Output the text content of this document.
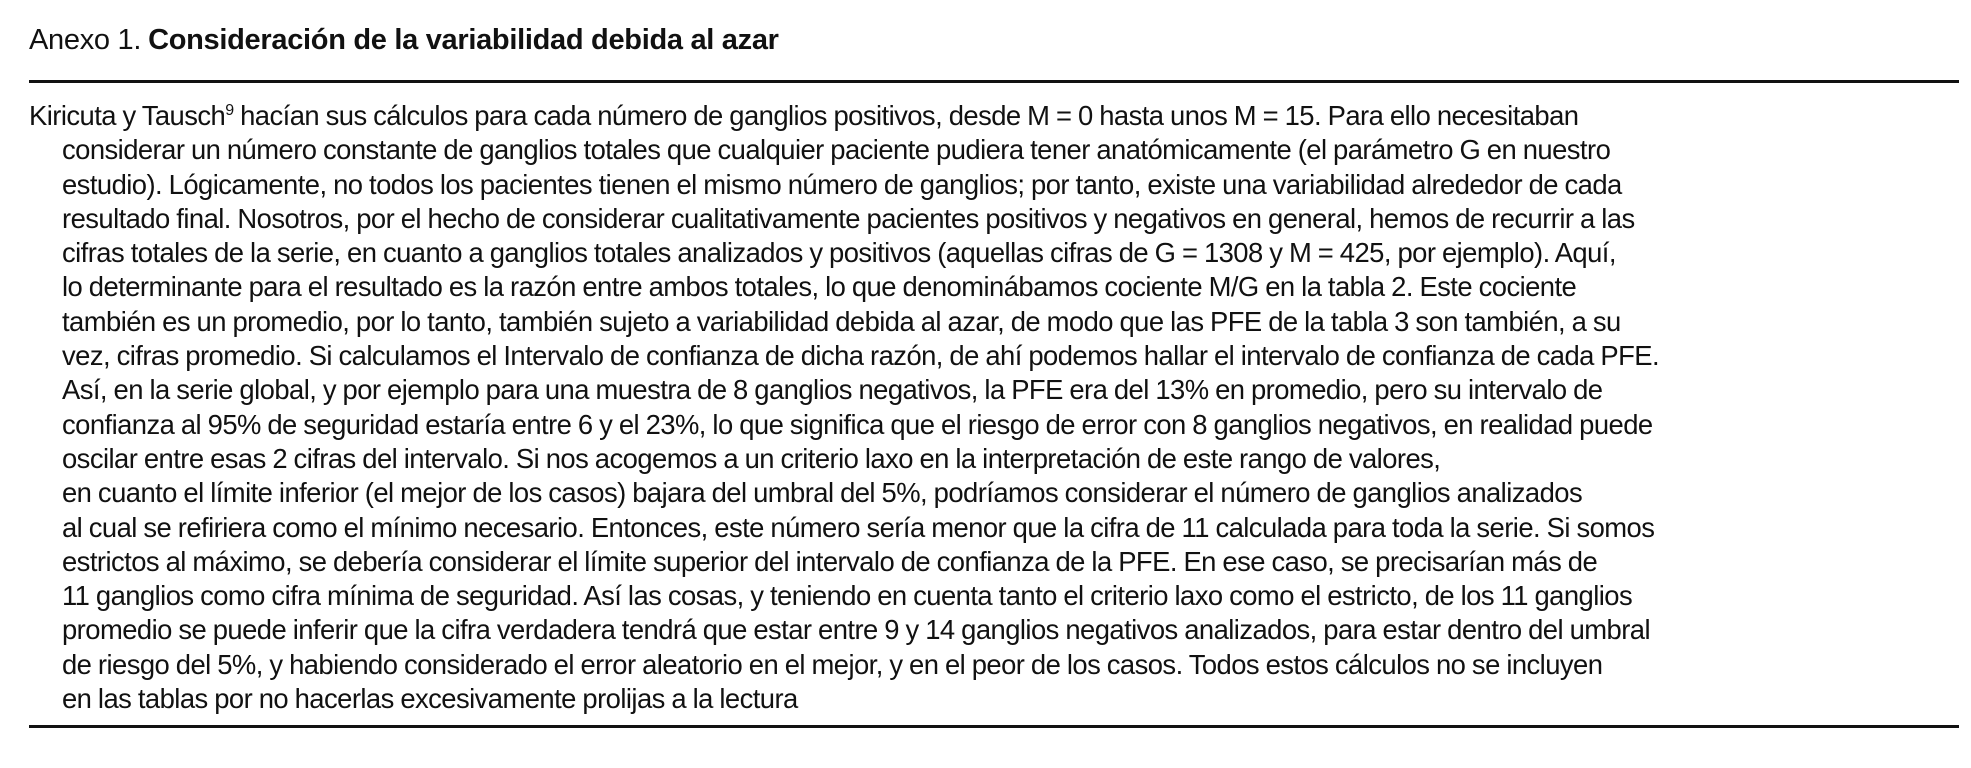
Anexo 1. Consideración de la variabilidad debida al azar
Kiricuta y Tausch$^9$ hacían sus cálculos para cada número de ganglios positivos, desde M = 0 hasta unos M = 15. Para ello necesitaban
considerar un número constante de ganglios totales que cualquier paciente pudiera tener anatómicamente (el parámetro G en nuestro
estudio). Lógicamente, no todos los pacientes tienen el mismo número de ganglios; por tanto, existe una variabilidad alrededor de cada
resultado final. Nosotros, por el hecho de considerar cualitativamente pacientes positivos y negativos en general, hemos de recurrir a las
cifras totales de la serie, en cuanto a ganglios totales analizados y positivos (aquellas cifras de G = 1308 y M = 425, por ejemplo). Aquí,
lo determinante para el resultado es la razón entre ambos totales, lo que denominábamos cociente M/G en la tabla 2. Este cociente
también es un promedio, por lo tanto, también sujeto a variabilidad debida al azar, de modo que las PFE de la tabla 3 son también, a su
vez, cifras promedio. Si calculamos el Intervalo de confianza de dicha razón, de ahí podemos hallar el intervalo de confianza de cada PFE.
Así, en la serie global, y por ejemplo para una muestra de 8 ganglios negativos, la PFE era del 13% en promedio, pero su intervalo de
confianza al 95% de seguridad estaría entre 6 y el 23%, lo que significa que el riesgo de error con 8 ganglios negativos, en realidad puede
oscilar entre esas 2 cifras del intervalo. Si nos acogemos a un criterio laxo en la interpretación de este rango de valores,
en cuanto el límite inferior (el mejor de los casos) bajara del umbral del 5%, podríamos considerar el número de ganglios analizados
al cual se refiriera como el mínimo necesario. Entonces, este número sería menor que la cifra de 11 calculada para toda la serie. Si somos
estrictos al máximo, se debería considerar el límite superior del intervalo de confianza de la PFE. En ese caso, se precisarían más de
11 ganglios como cifra mínima de seguridad. Así las cosas, y teniendo en cuenta tanto el criterio laxo como el estricto, de los 11 ganglios
promedio se puede inferir que la cifra verdadera tendrá que estar entre 9 y 14 ganglios negativos analizados, para estar dentro del umbral
de riesgo del 5%, y habiendo considerado el error aleatorio en el mejor, y en el peor de los casos. Todos estos cálculos no se incluyen
en las tablas por no hacerlas excesivamente prolijas a la lectura
